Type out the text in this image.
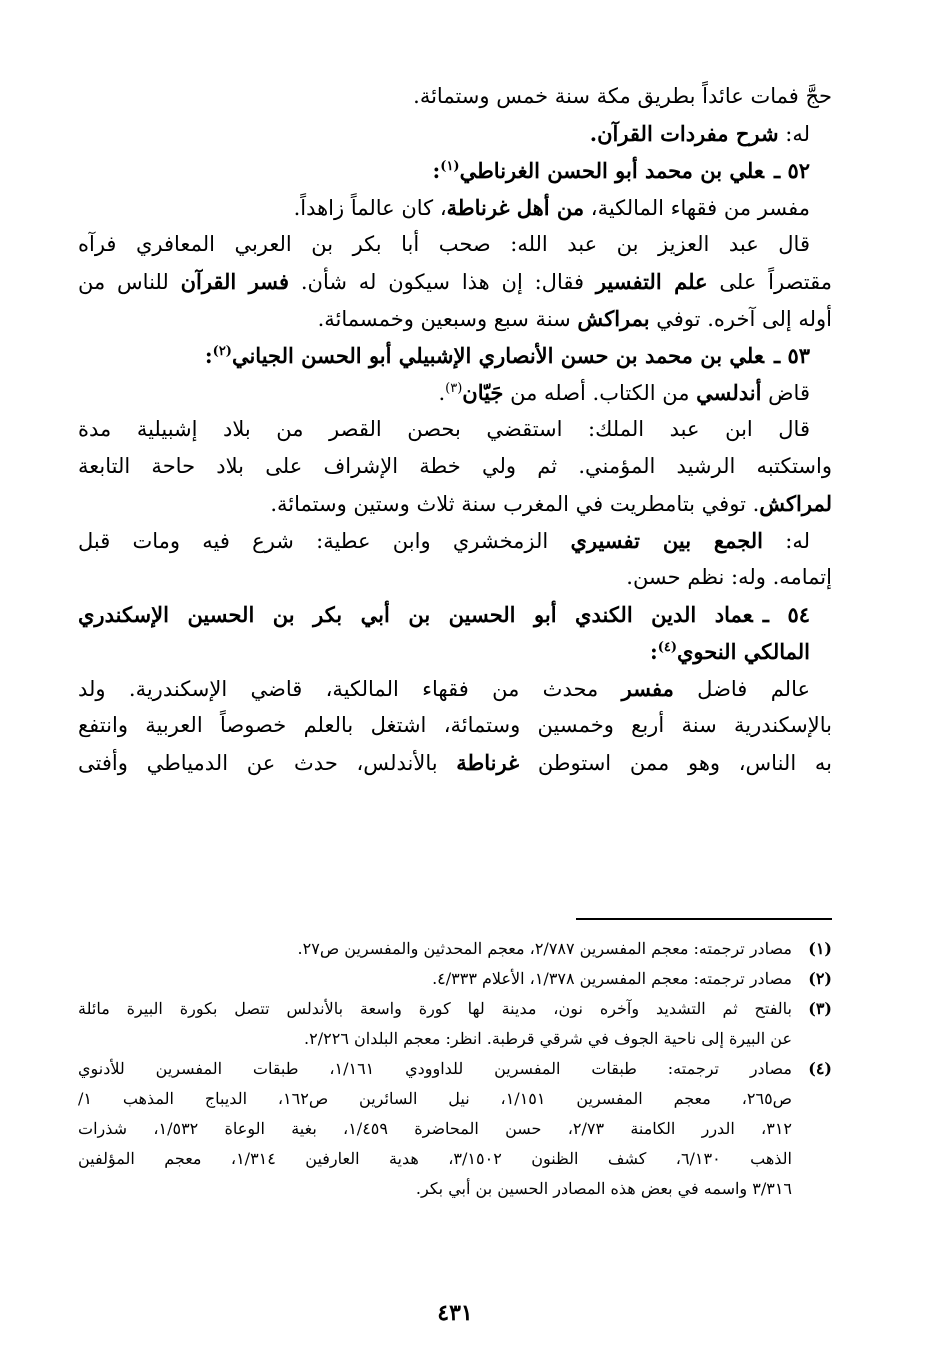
حجَّ فمات عائداً بطريق مكة سنة خمس وستمائة.
له: شرح مفردات القرآن.
٥٢ ـعلي بن محمد أبو الحسن الغرناطي$^{(١)}$:
مفسر من فقهاء المالكية، من أهل غرناطة، كان عالماً زاهداً.
قال عبد العزيز بن عبد الله: صحب أبا بكر بن العربي المعافري فرآه
مقتصراً على علم التفسير فقال: إن هذا سيكون له شأن. فسر القرآن للناس من
أوله إلى آخره. توفي بمراكش سنة سبع وسبعين وخمسمائة.
٥٣ ـعلي بن محمد بن حسن الأنصاري الإشبيلي أبو الحسن الجياني$^{(٢)}$:
قاض أندلسي من الكتاب. أصله من جَيّان$^{(٣)}$.
قال ابن عبد الملك: استقضي بحصن القصر من بلاد إشبيلية مدة
واستكتبه الرشيد المؤمني. ثم ولي خطة الإشراف على بلاد حاحة التابعة
لمراكش. توفي بتامطريت في المغرب سنة ثلاث وستين وستمائة.
له: الجمع بين تفسيري الزمخشري وابن عطية: شرع فيه ومات قبل
إتمامه. وله: نظم حسن.
٥٤ ـعماد الدين الكندي أبو الحسين بن أبي بكر بن الحسين الإسكندري
المالكي النحوي$^{(٤)}$:
عالم فاضل مفسر محدث من فقهاء المالكية، قاضي الإسكندرية. ولد
بالإسكندرية سنة أربع وخمسين وستمائة، اشتغل بالعلم خصوصاً العربية وانتفع
به الناس، وهو ممن استوطن غرناطة بالأندلس، حدث عن الدمياطي وأفتى
(١)
مصادر ترجمته: معجم المفسرين ٢/٧٨٧، معجم المحدثين والمفسرين ص٢٧.
(٢)
مصادر ترجمته: معجم المفسرين ١/٣٧٨، الأعلام ٤/٣٣٣.
(٣)
بالفتح ثم التشديد وآخره نون، مدينة لها كورة واسعة بالأندلس تتصل بكورة البيرة مائلة
عن البيرة إلى ناحية الجوف في شرقي قرطبة. انظر: معجم البلدان ٢/٢٢٦.
(٤)
مصادر ترجمته: طبقات المفسرين للداوودي ١/١٦١، طبقات المفسرين للأدنوي
ص٢٦٥، معجم المفسرين ١/١٥١، نيل السائرين ص١٦٢، الديباج المذهب ١/
٣١٢، الدرر الكامنة ٢/٧٣، حسن المحاضرة ١/٤٥٩، بغية الوعاة ١/٥٣٢، شذرات
الذهب ٦/١٣٠، كشف الظنون ٣/١٥٠٢، هدية العارفين ١/٣١٤، معجم المؤلفين
٣/٣١٦ واسمه في بعض هذه المصادر الحسين بن أبي بكر.
٤٣١
